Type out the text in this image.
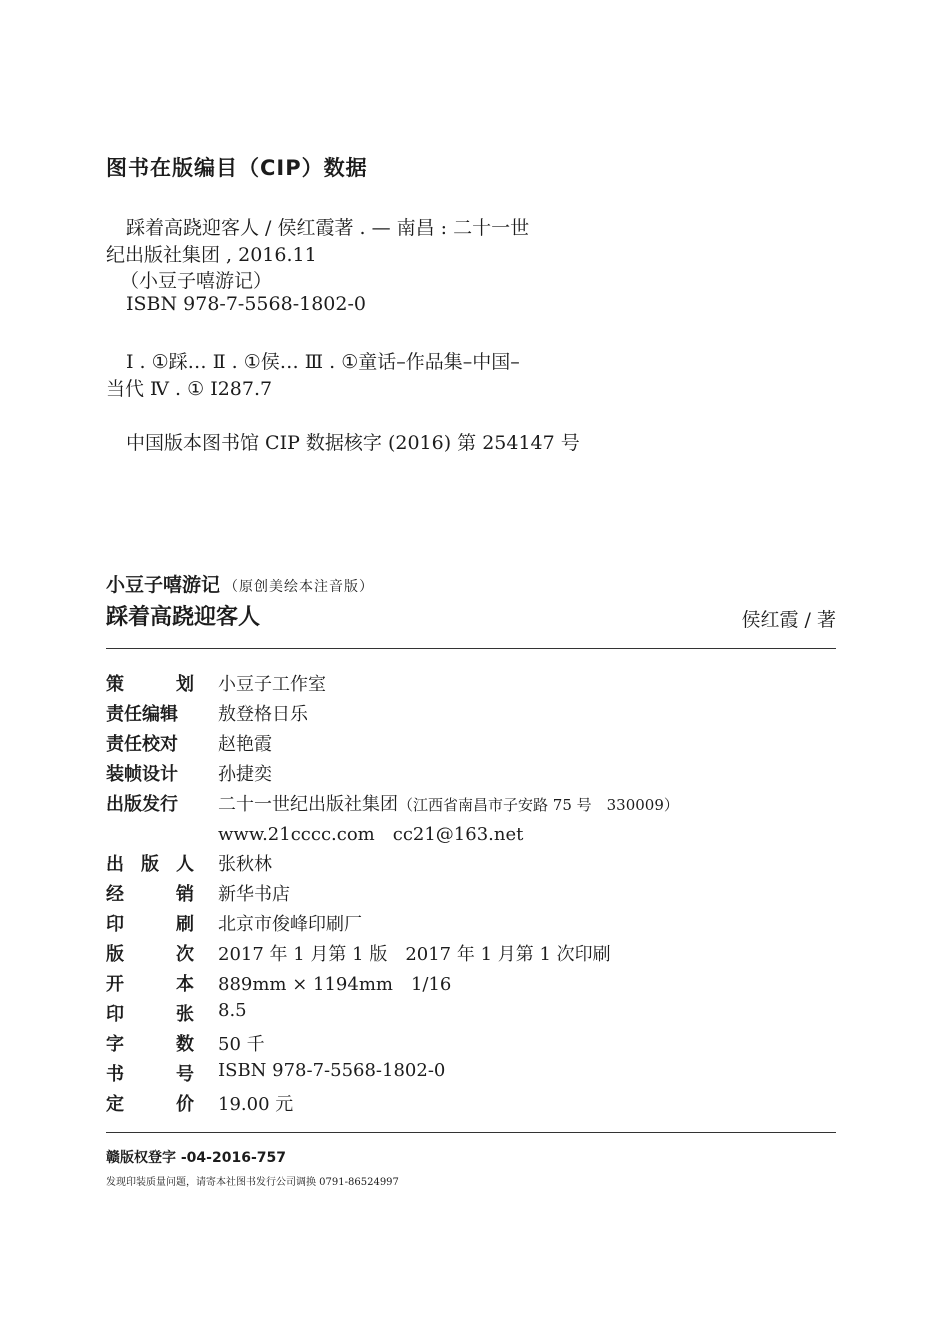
图书在版编目（CIP）数据
踩着高跷迎客人 / 侯红霞著 . — 南昌 : 二十一世
纪出版社集团 , 2016.11
（小豆子嘻游记）
ISBN 978-7-5568-1802-0
Ⅰ . ①踩… Ⅱ . ①侯… Ⅲ . ①童话–作品集–中国–
当代 Ⅳ . ① I287.7
中国版本图书馆 CIP 数据核字 (2016) 第 254147 号
小豆子嘻游记 （原创美绘本注音版）
踩着高跷迎客人	侯红霞 / 著
策	划 小豆子工作室
责任编辑 敖登格日乐
责任校对 赵艳霞
装帧设计 孙捷奕
出版发行 二十一世纪出版社集团（江西省南昌市子安路 75 号　330009）
www.21cccc.com　cc21@163.net
出 版 人 张秋林
经	销 新华书店
印	刷 北京市俊峰印刷厂
版	次 2017 年 1 月第 1 版　2017 年 1 月第 1 次印刷
开	本 889mm × 1194mm　1/16
印	张 8.5
字	数 50 千
书	号 ISBN 978-7-5568-1802-0
定	价 19.00 元
赣版权登字 -04-2016-757
发现印装质量问题，请寄本社图书发行公司调换 0791-86524997
